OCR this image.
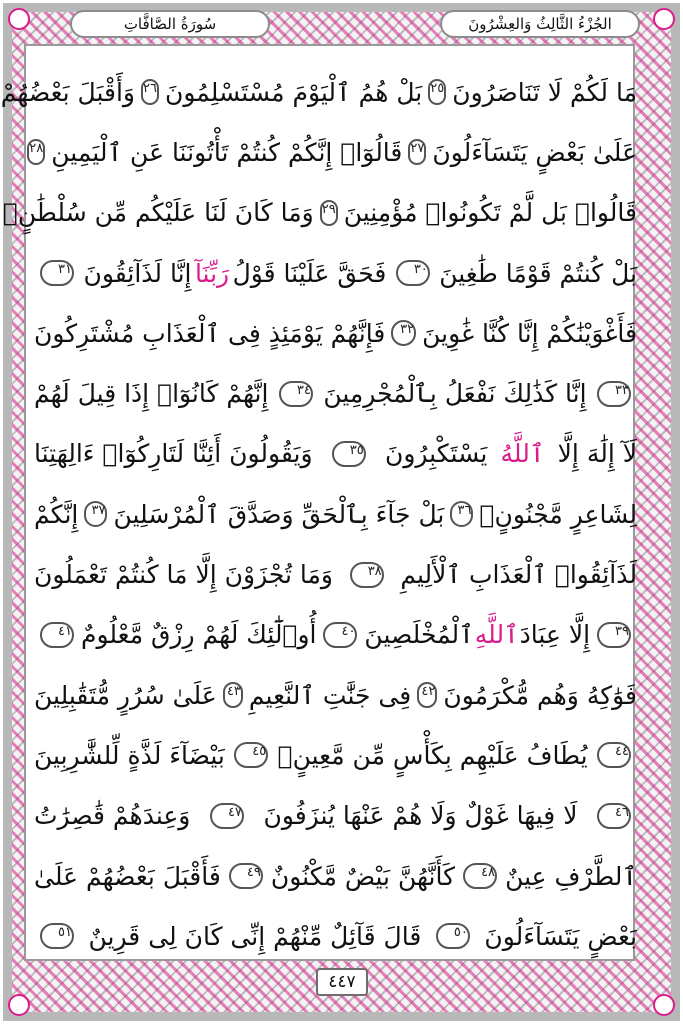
سُورَةُ الصَّافَّاتِ	الجُزْءُ الثَّالِثُ وَالعِشْرُونَ
مَا لَكُمْ لَا تَنَاصَرُونَ
٢٥
بَلْ هُمُ ٱلْيَوْمَ مُسْتَسْلِمُونَ
٢٦
وَأَقْبَلَ بَعْضُهُمْ
عَلَىٰ بَعْضٍ يَتَسَآءَلُونَ
٢٧
قَالُوٓا۟ إِنَّكُمْ كُنتُمْ تَأْتُونَنَا عَنِ ٱلْيَمِينِ
٢٨
قَالُوا۟ بَل لَّمْ تَكُونُوا۟ مُؤْمِنِينَ
٢٩
وَمَا كَانَ لَنَا عَلَيْكُم مِّن سُلْطَٰنٍۭ
بَلْ كُنتُمْ قَوْمًا طَٰغِينَ
٣٠
فَحَقَّ عَلَيْنَا قَوْلُ
رَبِّنَآ
إِنَّا لَذَآئِقُونَ
٣١
فَأَغْوَيْنَٰكُمْ إِنَّا كُنَّا غَٰوِينَ
٣٢
فَإِنَّهُمْ يَوْمَئِذٍ فِى ٱلْعَذَابِ مُشْتَرِكُونَ
٣٣
إِنَّا كَذَٰلِكَ نَفْعَلُ بِٱلْمُجْرِمِينَ
٣٤
إِنَّهُمْ كَانُوٓا۟ إِذَا قِيلَ لَهُمْ
لَآ إِلَٰهَ إِلَّا
ٱللَّهُ
يَسْتَكْبِرُونَ
٣٥
وَيَقُولُونَ أَئِنَّا لَتَارِكُوٓا۟ ءَالِهَتِنَا
لِشَاعِرٍ مَّجْنُونٍۭ
٣٦
بَلْ جَآءَ بِٱلْحَقِّ وَصَدَّقَ ٱلْمُرْسَلِينَ
٣٧
إِنَّكُمْ
لَذَآئِقُوا۟ ٱلْعَذَابِ ٱلْأَلِيمِ
٣٨
وَمَا تُجْزَوْنَ إِلَّا مَا كُنتُمْ تَعْمَلُونَ
٣٩
إِلَّا عِبَادَ
ٱللَّهِ
ٱلْمُخْلَصِينَ
٤٠
أُو۟لَٰٓئِكَ لَهُمْ رِزْقٌ مَّعْلُومٌ
٤١
فَوَٰكِهُ وَهُم مُّكْرَمُونَ
٤٢
فِى جَنَّٰتِ ٱلنَّعِيمِ
٤٣
عَلَىٰ سُرُرٍ مُّتَقَٰبِلِينَ
٤٤
يُطَافُ عَلَيْهِم بِكَأْسٍ مِّن مَّعِينٍۭ
٤٥
بَيْضَآءَ لَذَّةٍ لِّلشَّٰرِبِينَ
٤٦
لَا فِيهَا غَوْلٌ وَلَا هُمْ عَنْهَا يُنزَفُونَ
٤٧
وَعِندَهُمْ قَٰصِرَٰتُ
ٱلطَّرْفِ عِينٌ
٤٨
كَأَنَّهُنَّ بَيْضٌ مَّكْنُونٌ
٤٩
فَأَقْبَلَ بَعْضُهُمْ عَلَىٰ
بَعْضٍ يَتَسَآءَلُونَ
٥٠
قَالَ قَآئِلٌ مِّنْهُمْ إِنِّى كَانَ لِى قَرِينٌ
٥١
٤٤٧
